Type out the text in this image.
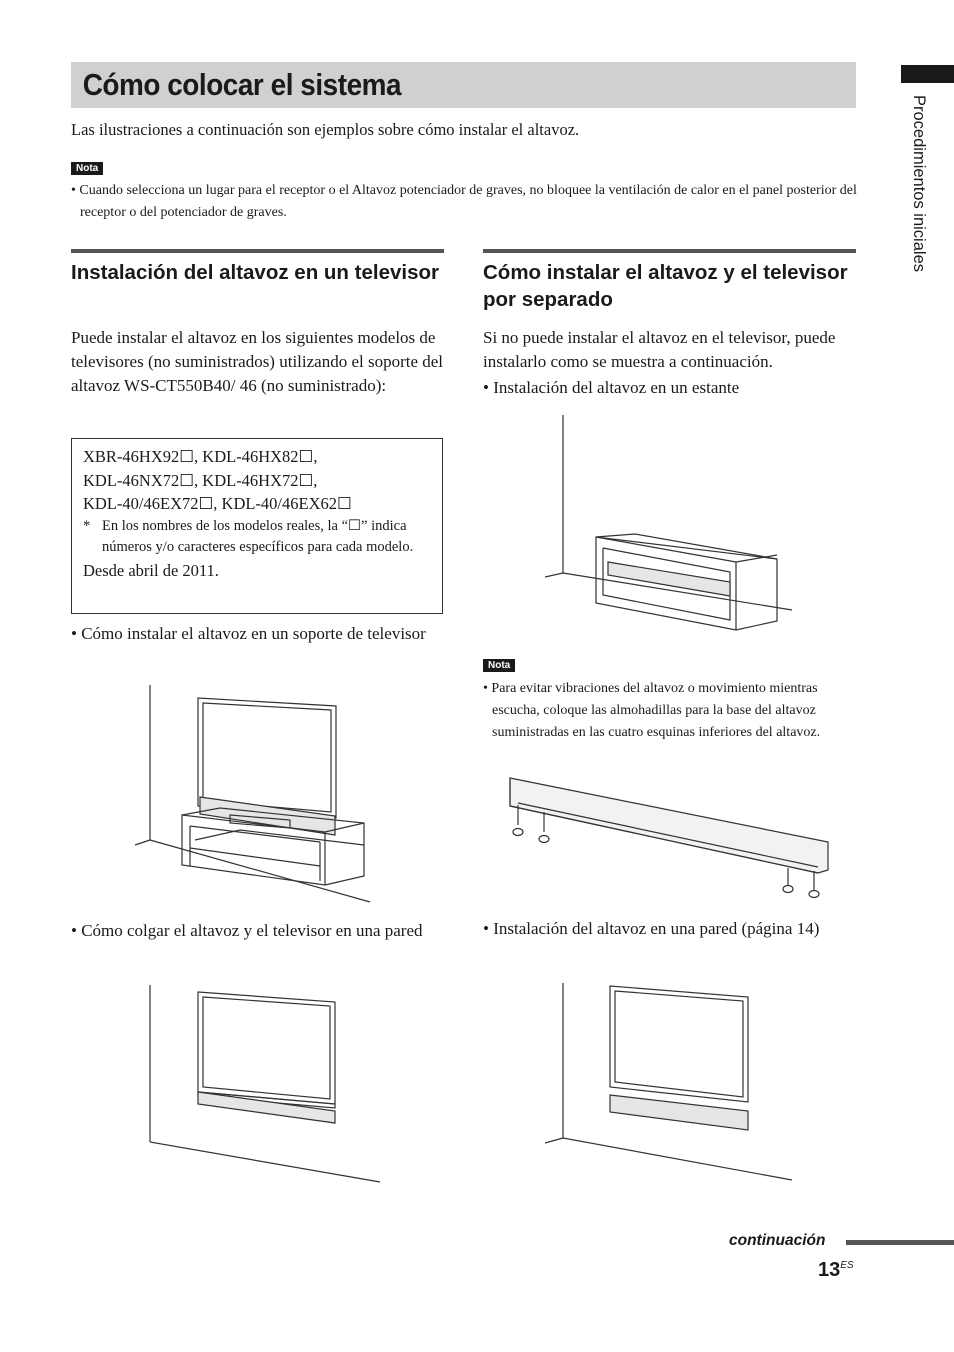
Procedimientos iniciales
Cómo colocar el sistema
Las ilustraciones a continuación son ejemplos sobre cómo instalar el altavoz.
Nota
• Cuando selecciona un lugar para el receptor o el Altavoz potenciador de graves, no bloquee la ventilación de calor en el panel posterior del receptor o del potenciador de graves.
Instalación del altavoz en un televisor
Puede instalar el altavoz en los siguientes modelos de televisores (no suministrados) utilizando el soporte del altavoz WS-CT550B40/ 46 (no suministrado):
XBR-46HX92☐, KDL-46HX82☐,
KDL-46NX72☐, KDL-46HX72☐,
KDL-40/46EX72☐, KDL-40/46EX62☐
* En los nombres de los modelos reales, la “☐” indica números y/o caracteres específicos para cada modelo.
Desde abril de 2011.
• Cómo instalar el altavoz en un soporte de televisor
• Cómo colgar el altavoz y el televisor en una pared
Cómo instalar el altavoz y el televisor por separado
Si no puede instalar el altavoz en el televisor, puede instalarlo como se muestra a continuación.
• Instalación del altavoz en un estante
Nota
• Para evitar vibraciones del altavoz o movimiento mientras escucha, coloque las almohadillas para la base del altavoz suministradas en las cuatro esquinas inferiores del altavoz.
• Instalación del altavoz en una pared (página 14)
continuación
$13^{ES}$
